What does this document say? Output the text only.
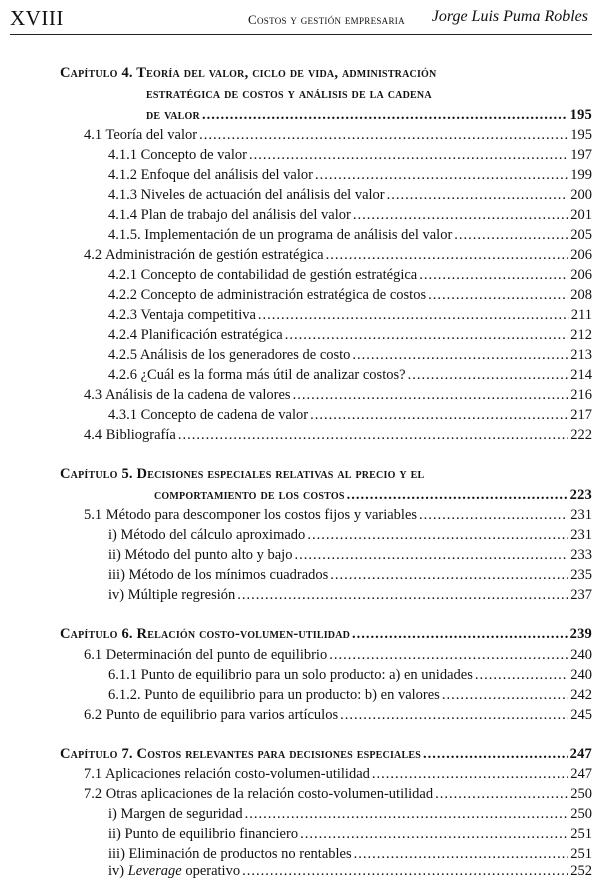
XVIII	Costos y gestión empresaria Jorge Luis Puma Robles
Capítulo 4. Teoría del valor, ciclo de vida, administración
estratégica de costos y análisis de la cadena
de valor .....	195
4.1 Teoría del valor .....	195
4.1.1 Concepto de valor .....	197
4.1.2 Enfoque del análisis del valor .....	199
4.1.3 Niveles de actuación del análisis del valor .....	200
4.1.4 Plan de trabajo del análisis del valor .....	201
4.1.5. Implementación de un programa de análisis del valor .....	205
4.2 Administración de gestión estratégica .....	206
4.2.1 Concepto de contabilidad de gestión estratégica .....	206
4.2.2 Concepto de administración estratégica de costos .....	208
4.2.3 Ventaja competitiva .....	211
4.2.4 Planificación estratégica .....	212
4.2.5 Análisis de los generadores de costo .....	213
4.2.6 ¿Cuál es la forma más útil de analizar costos? .....	214
4.3 Análisis de la cadena de valores .....	216
4.3.1 Concepto de cadena de valor .....	217
4.4 Bibliografía .....	222
Capítulo 5. Decisiones especiales relativas al precio y el
comportamiento de los costos .....	223
5.1 Método para descomponer los costos fijos y variables .....	231
i) Método del cálculo aproximado .....	231
ii) Método del punto alto y bajo .....	233
iii) Método de los mínimos cuadrados .....	235
iv) Múltiple regresión .....	237
Capítulo 6. Relación costo-volumen-utilidad .....	239
6.1 Determinación del punto de equilibrio .....	240
6.1.1 Punto de equilibrio para un solo producto: a) en unidades .....	240
6.1.2. Punto de equilibrio para un producto: b) en valores .....	242
6.2 Punto de equilibrio para varios artículos .....	245
Capítulo 7. Costos relevantes para decisiones especiales .....	247
7.1 Aplicaciones relación costo-volumen-utilidad .....	247
7.2 Otras aplicaciones de la relación costo-volumen-utilidad .....	250
i) Margen de seguridad .....	250
ii) Punto de equilibrio financiero .....	251
iii) Eliminación de productos no rentables .....	251
iv) Leverage operativo .....	252
